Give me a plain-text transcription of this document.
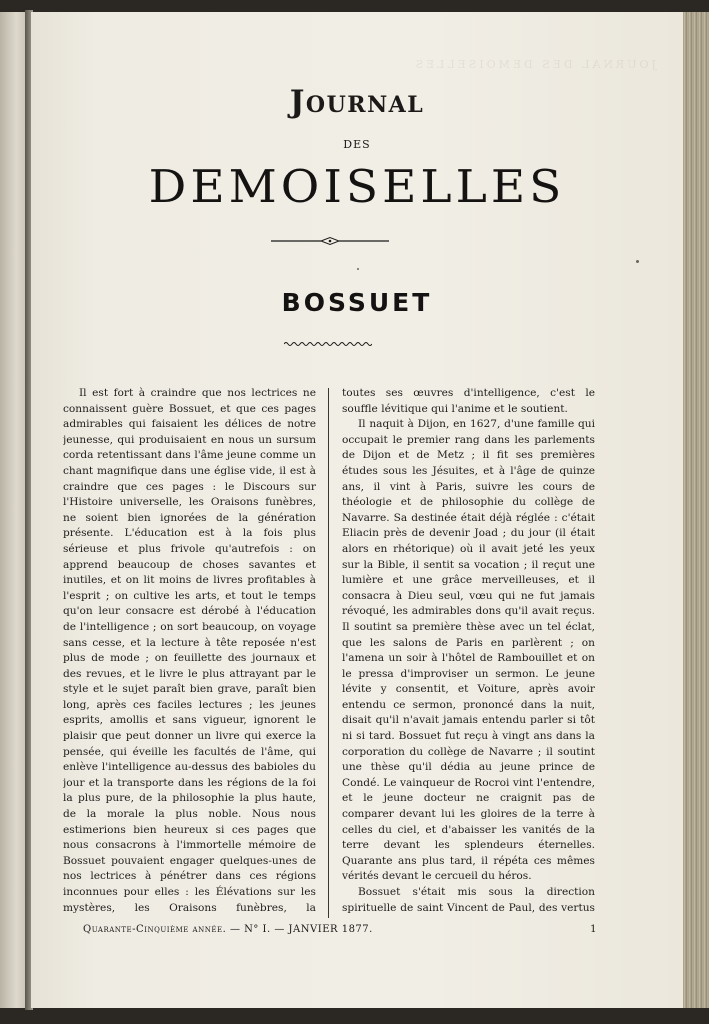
JOURNAL DES DEMOISELLES
Journal
DES
DEMOISELLES
BOSSUET

Il est fort à craindre que nos lectrices ne connaissent guère Bossuet, et que ces pages admirables qui faisaient les délices de notre jeunesse, qui produisaient en nous un sursum corda retentissant dans l'âme jeune comme un chant magnifique dans une église vide, il est à craindre que ces pages : le Discours sur l'Histoire universelle, les Oraisons funèbres, ne soient bien ignorées de la génération présente. L'éducation est à la fois plus sérieuse et plus frivole qu'autrefois : on apprend beaucoup de choses savantes et inutiles, et on lit moins de livres profitables à l'esprit ; on cultive les arts, et tout le temps qu'on leur consacre est dérobé à l'éducation de l'intelligence ; on sort beaucoup, on voyage sans cesse, et la lecture à tête reposée n'est plus de mode ; on feuillette des journaux et des revues, et le livre le plus attrayant par le style et le sujet paraît bien grave, paraît bien long, après ces faciles lectures ; les jeunes esprits, amollis et sans vigueur, ignorent le plaisir que peut donner un livre qui exerce la pensée, qui éveille les facultés de l'âme, qui enlève l'intelligence au-dessus des babioles du jour et la transporte dans les régions de la foi la plus pure, de la philosophie la plus haute, de la morale la plus noble. Nous nous estimerions bien heureux si ces pages que nous consacrons à l'immortelle mémoire de Bossuet pouvaient engager quelques-unes de nos lectrices à pénétrer dans ces régions inconnues pour elles : les Élévations sur les mystères, les Oraisons funèbres, la

toutes ses œuvres d'intelligence, c'est le souffle lévitique qui l'anime et le soutient.

Il naquit à Dijon, en 1627, d'une famille qui occupait le premier rang dans les parlements de Dijon et de Metz ; il fit ses premières études sous les Jésuites, et à l'âge de quinze ans, il vint à Paris, suivre les cours de théologie et de philosophie du collège de Navarre. Sa destinée était déjà réglée : c'était Eliacin près de devenir Joad ; du jour (il était alors en rhétorique) où il avait jeté les yeux sur la Bible, il sentit sa vocation ; il reçut une lumière et une grâce merveilleuses, et il consacra à Dieu seul, vœu qui ne fut jamais révoqué, les admirables dons qu'il avait reçus. Il soutint sa première thèse avec un tel éclat, que les salons de Paris en parlèrent ; on l'amena un soir à l'hôtel de Rambouillet et on le pressa d'improviser un sermon. Le jeune lévite y consentit, et Voiture, après avoir entendu ce sermon, prononcé dans la nuit, disait qu'il n'avait jamais entendu parler si tôt ni si tard. Bossuet fut reçu à vingt ans dans la corporation du collège de Navarre ; il soutint une thèse qu'il dédia au jeune prince de Condé. Le vainqueur de Rocroi vint l'entendre, et le jeune docteur ne craignit pas de comparer devant lui les gloires de la terre à celles du ciel, et d'abaisser les vanités de la terre devant les splendeurs éternelles. Quarante ans plus tard, il répéta ces mêmes vérités devant le cercueil du héros.

Bossuet s'était mis sous la direction spirituelle de saint Vincent de Paul, des vertus

Quarante-Cinquième année. — N° I. — JANVIER 1877.	1
